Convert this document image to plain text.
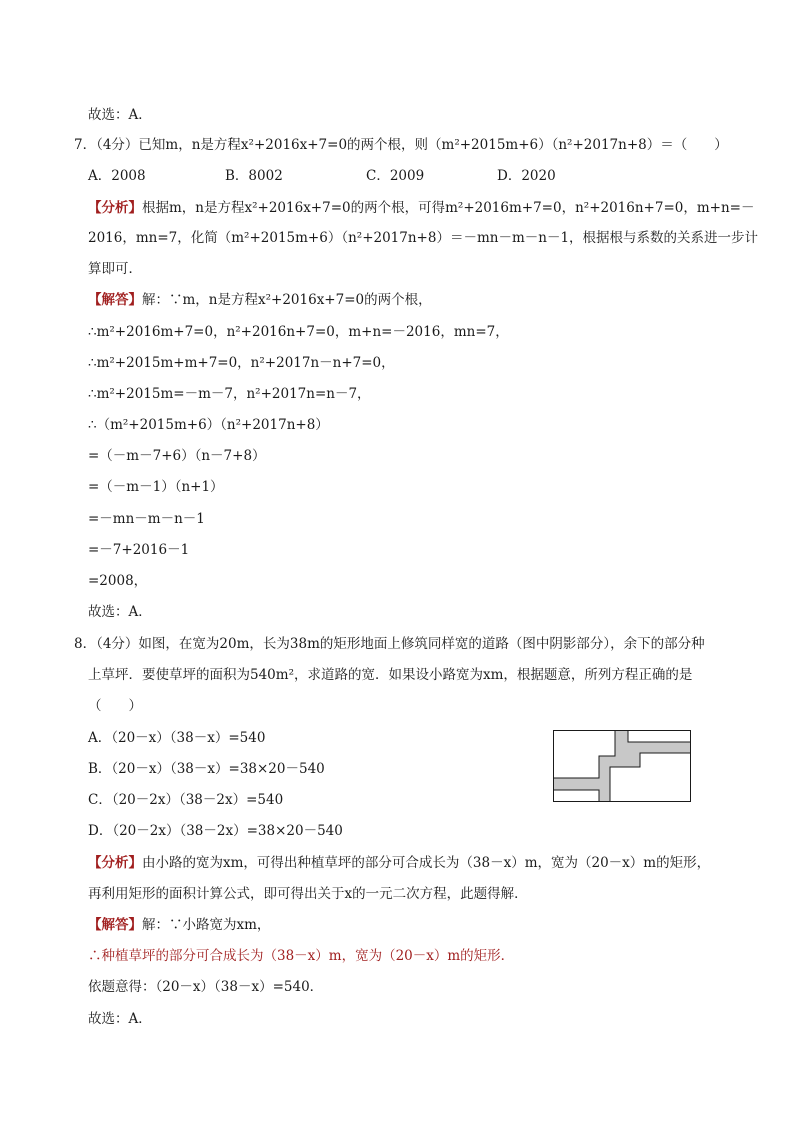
故选：A．
7．（4分）已知m，n是方程x²+2016x+7=0的两个根，则（m²+2015m+6）（n²+2017n+8）＝（　　）
A．2008	B．8002	C．2009	D．2020
【分析】根据m，n是方程x²+2016x+7=0的两个根，可得m²+2016m+7=0，n²+2016n+7=0，m+n=－
2016，mn=7，化简（m²+2015m+6）（n²+2017n+8）＝－mn－m－n－1，根据根与系数的关系进一步计
算即可．
【解答】解：∵m，n是方程x²+2016x+7=0的两个根，
∴m²+2016m+7=0，n²+2016n+7=0，m+n=－2016，mn=7，
∴m²+2015m+m+7=0，n²+2017n－n+7=0，
∴m²+2015m=－m－7，n²+2017n=n－7，
∴（m²+2015m+6）（n²+2017n+8）
=（－m－7+6）（n－7+8）
=（－m－1）（n+1）
=－mn－m－n－1
=－7+2016－1
=2008，
故选：A．
8．（4分）如图，在宽为20m，长为38m的矩形地面上修筑同样宽的道路（图中阴影部分），余下的部分种
上草坪．要使草坪的面积为540m²，求道路的宽．如果设小路宽为xm，根据题意，所列方程正确的是
（　　）
A．（20－x）（38－x）=540
B．（20－x）（38－x）=38×20－540
C．（20－2x）（38－2x）=540
D．（20－2x）（38－2x）=38×20－540
【分析】由小路的宽为xm，可得出种植草坪的部分可合成长为（38－x）m，宽为（20－x）m的矩形，
再利用矩形的面积计算公式，即可得出关于x的一元二次方程，此题得解．
【解答】解：∵小路宽为xm，
∴种植草坪的部分可合成长为（38－x）m，宽为（20－x）m的矩形．
依题意得：（20－x）（38－x）=540．
故选：A．
